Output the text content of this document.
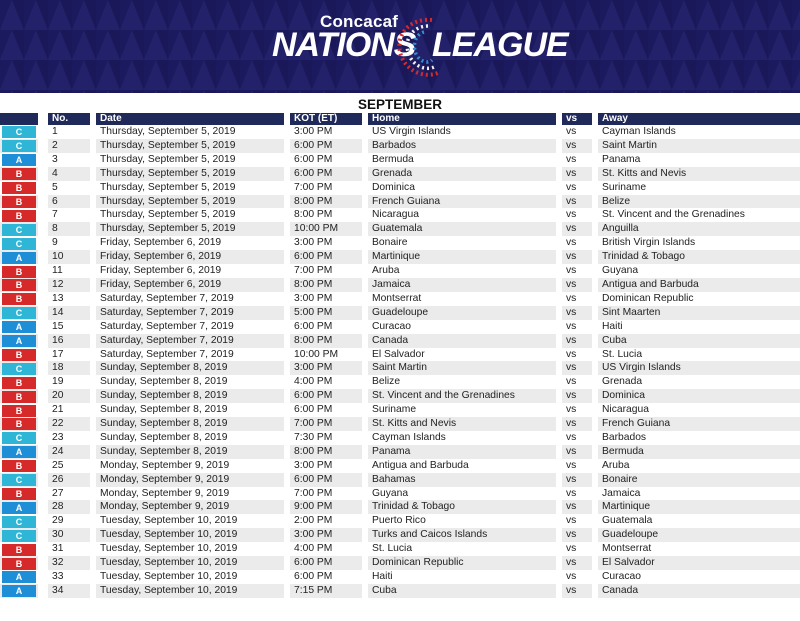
Concacaf
NATIONS LEAGUE
SEPTEMBER
		No.		Date		KOT (ET)		Home		vs		Away

C		1		Thursday, September 5, 2019		3:00 PM		US Virgin Islands		vs		Cayman Islands

C		2		Thursday, September 5, 2019		6:00 PM		Barbados		vs		Saint Martin

A		3		Thursday, September 5, 2019		6:00 PM		Bermuda		vs		Panama

B		4		Thursday, September 5, 2019		6:00 PM		Grenada		vs		St. Kitts and Nevis

B		5		Thursday, September 5, 2019		7:00 PM		Dominica		vs		Suriname

B		6		Thursday, September 5, 2019		8:00 PM		French Guiana		vs		Belize

B		7		Thursday, September 5, 2019		8:00 PM		Nicaragua		vs		St. Vincent and the Grenadines

C		8		Thursday, September 5, 2019		10:00 PM		Guatemala		vs		Anguilla

C		9		Friday, September 6, 2019		3:00 PM		Bonaire		vs		British Virgin Islands

A		10		Friday, September 6, 2019		6:00 PM		Martinique		vs		Trinidad & Tobago

B		11		Friday, September 6, 2019		7:00 PM		Aruba		vs		Guyana

B		12		Friday, September 6, 2019		8:00 PM		Jamaica		vs		Antigua and Barbuda

B		13		Saturday, September 7, 2019		3:00 PM		Montserrat		vs		Dominican Republic

C		14		Saturday, September 7, 2019		5:00 PM		Guadeloupe		vs		Sint Maarten

A		15		Saturday, September 7, 2019		6:00 PM		Curacao		vs		Haiti

A		16		Saturday, September 7, 2019		8:00 PM		Canada		vs		Cuba

B		17		Saturday, September 7, 2019		10:00 PM		El Salvador		vs		St. Lucia

C		18		Sunday, September 8, 2019		3:00 PM		Saint Martin		vs		US Virgin Islands

B		19		Sunday, September 8, 2019		4:00 PM		Belize		vs		Grenada

B		20		Sunday, September 8, 2019		6:00 PM		St. Vincent and the Grenadines		vs		Dominica

B		21		Sunday, September 8, 2019		6:00 PM		Suriname		vs		Nicaragua

B		22		Sunday, September 8, 2019		7:00 PM		St. Kitts and Nevis		vs		French Guiana

C		23		Sunday, September 8, 2019		7:30 PM		Cayman Islands		vs		Barbados

A		24		Sunday, September 8, 2019		8:00 PM		Panama		vs		Bermuda

B		25		Monday, September 9, 2019		3:00 PM		Antigua and Barbuda		vs		Aruba

C		26		Monday, September 9, 2019		6:00 PM		Bahamas		vs		Bonaire

B		27		Monday, September 9, 2019		7:00 PM		Guyana		vs		Jamaica

A		28		Monday, September 9, 2019		9:00 PM		Trinidad & Tobago		vs		Martinique

C		29		Tuesday, September 10, 2019		2:00 PM		Puerto Rico		vs		Guatemala

C		30		Tuesday, September 10, 2019		3:00 PM		Turks and Caicos Islands		vs		Guadeloupe

B		31		Tuesday, September 10, 2019		4:00 PM		St. Lucia		vs		Montserrat

B		32		Tuesday, September 10, 2019		6:00 PM		Dominican Republic		vs		El Salvador

A		33		Tuesday, September 10, 2019		6:00 PM		Haiti		vs		Curacao

A		34		Tuesday, September 10, 2019		7:15 PM		Cuba		vs		Canada
